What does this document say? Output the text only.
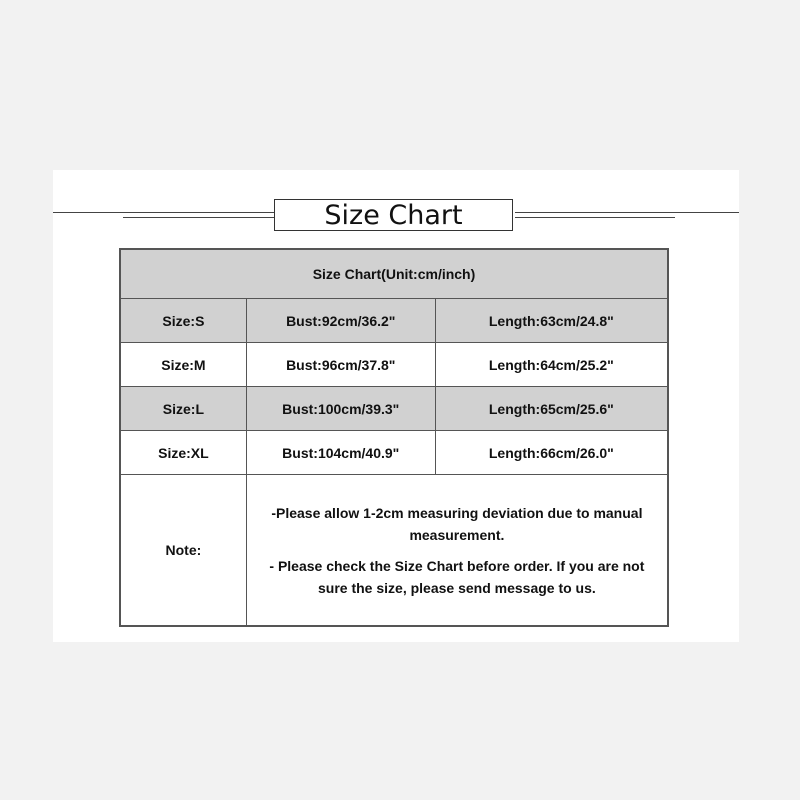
Size Chart
Size Chart(Unit:cm/inch)		
Size:S	Bust:92cm/36.2"	Length:63cm/24.8"
Size:M	Bust:96cm/37.8"	Length:64cm/25.2"
Size:L	Bust:100cm/39.3"	Length:65cm/25.6"
Size:XL	Bust:104cm/40.9"	Length:66cm/26.0"
Note:	-Please allow 1-2cm measuring deviation due to manual measurement.

- Please check the Size Chart before order. If you are not sure the size, please send message to us.	
